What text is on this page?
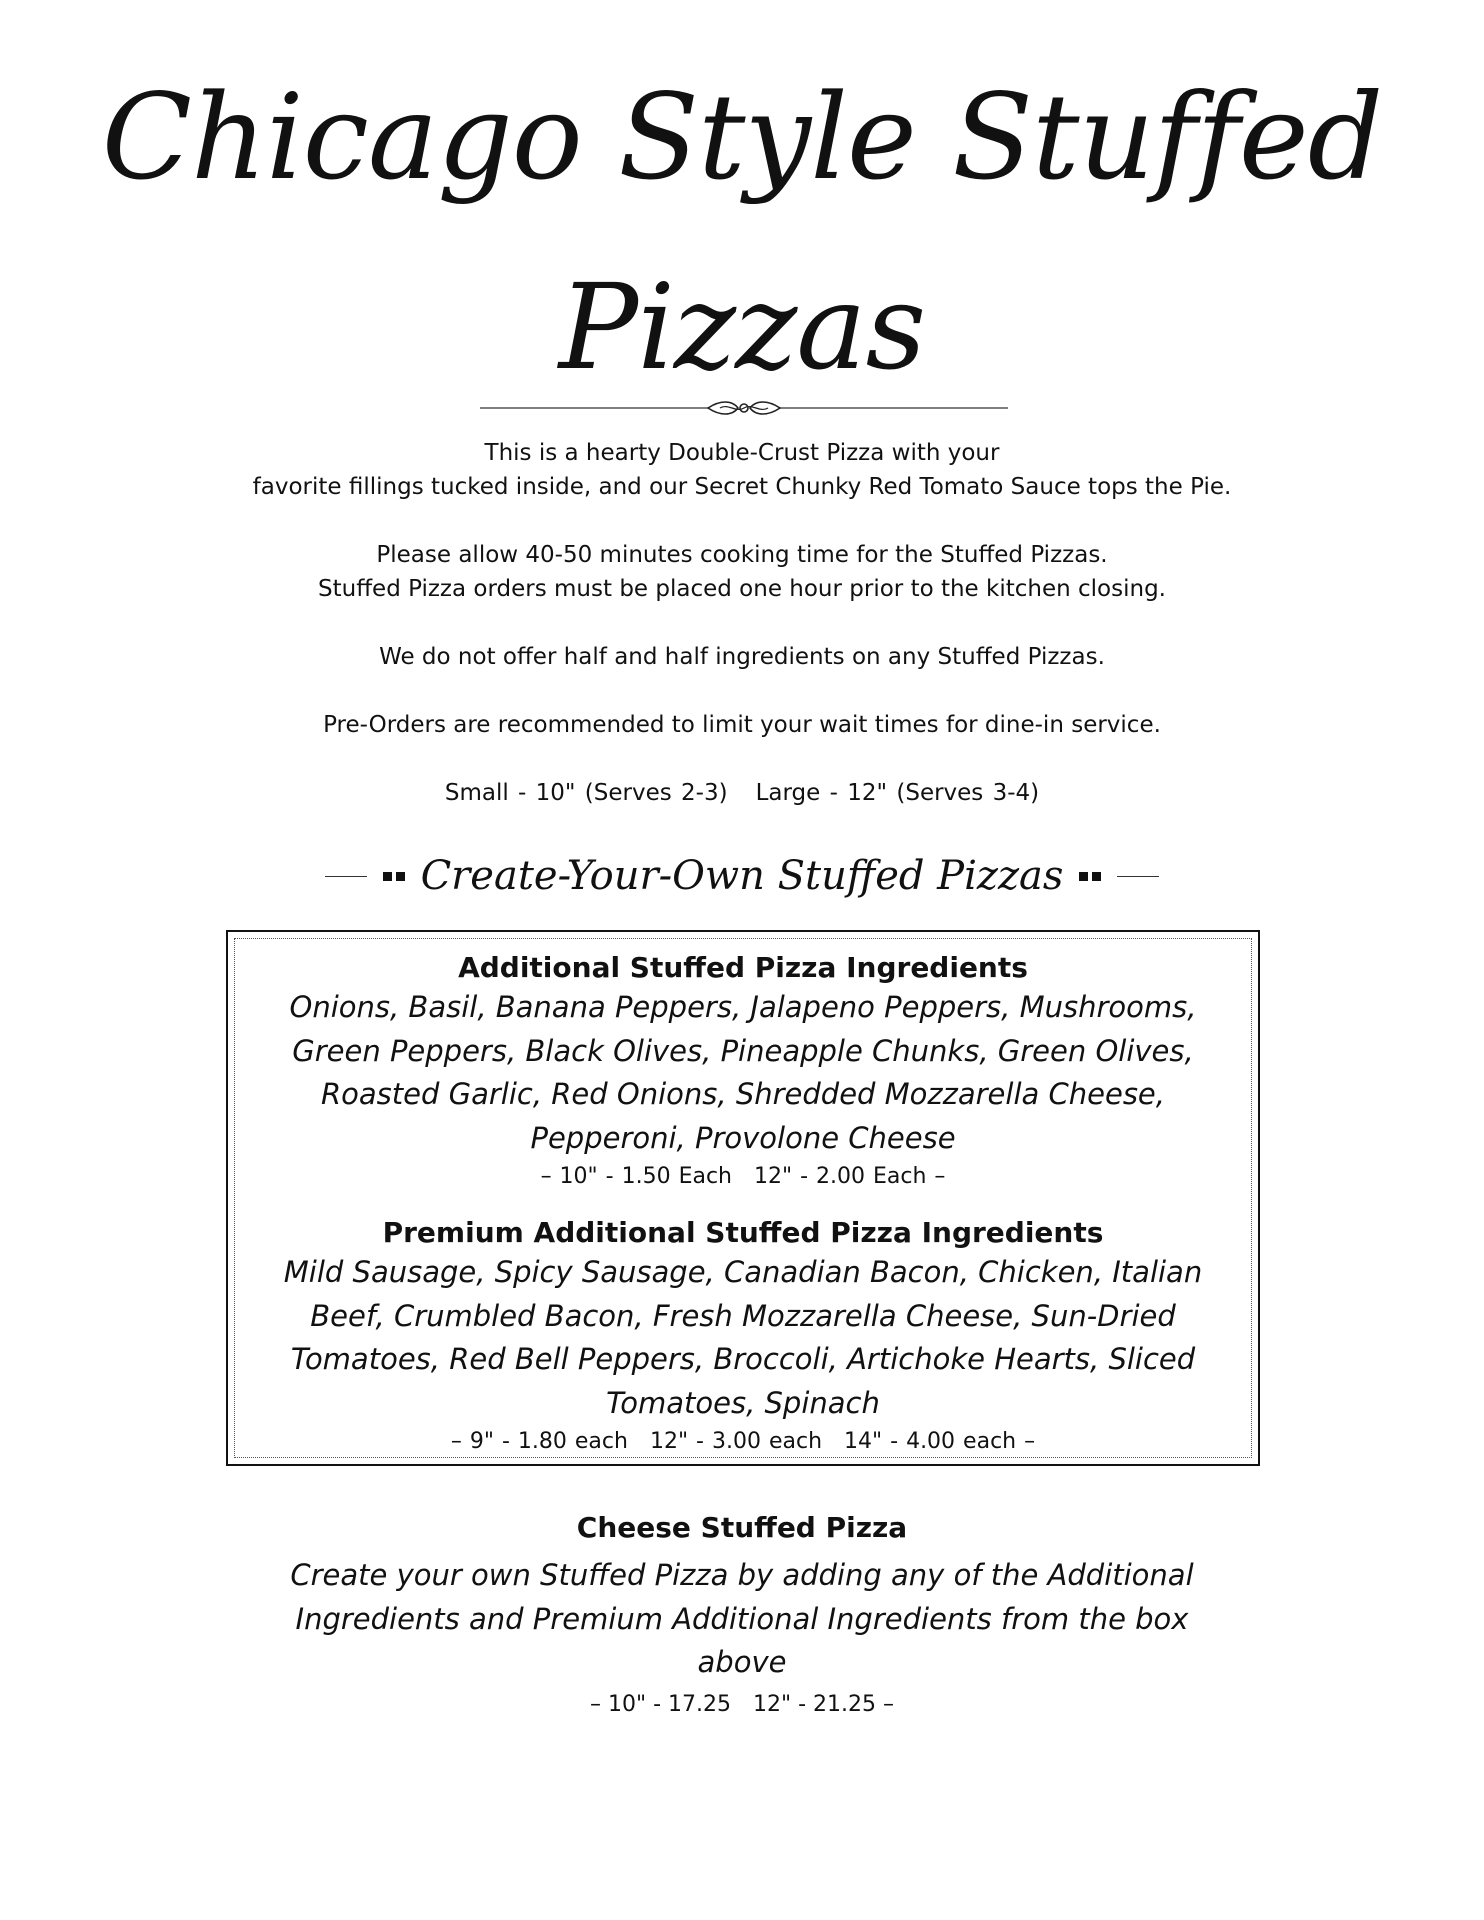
Chicago Style Stuffed
Pizzas
This is a hearty Double-Crust Pizza with your
favorite fillings tucked inside, and our Secret Chunky Red Tomato Sauce tops the Pie.
Please allow 40-50 minutes cooking time for the Stuffed Pizzas.
Stuffed Pizza orders must be placed one hour prior to the kitchen closing.
We do not offer half and half ingredients on any Stuffed Pizzas.
Pre-Orders are recommended to limit your wait times for dine-in service.
Small - 10" (Serves 2-3) Large - 12" (Serves 3-4)
Create-Your-Own Stuffed Pizzas

Additional Stuffed Pizza Ingredients

Onions, Basil, Banana Peppers, Jalapeno Peppers, Mushrooms,

Green Peppers, Black Olives, Pineapple Chunks, Green Olives,

Roasted Garlic, Red Onions, Shredded Mozzarella Cheese,

Pepperoni, Provolone Cheese

– 10" - 1.50 Each 12" - 2.00 Each –

Premium Additional Stuffed Pizza Ingredients

Mild Sausage, Spicy Sausage, Canadian Bacon, Chicken, Italian

Beef, Crumbled Bacon, Fresh Mozzarella Cheese, Sun-Dried

Tomatoes, Red Bell Peppers, Broccoli, Artichoke Hearts, Sliced

Tomatoes, Spinach

– 9" - 1.80 each 12" - 3.00 each 14" - 4.00 each –

Cheese Stuffed Pizza

Create your own Stuffed Pizza by adding any of the Additional
Ingredients and Premium Additional Ingredients from the box
above

– 10" - 17.25 12" - 21.25 –
